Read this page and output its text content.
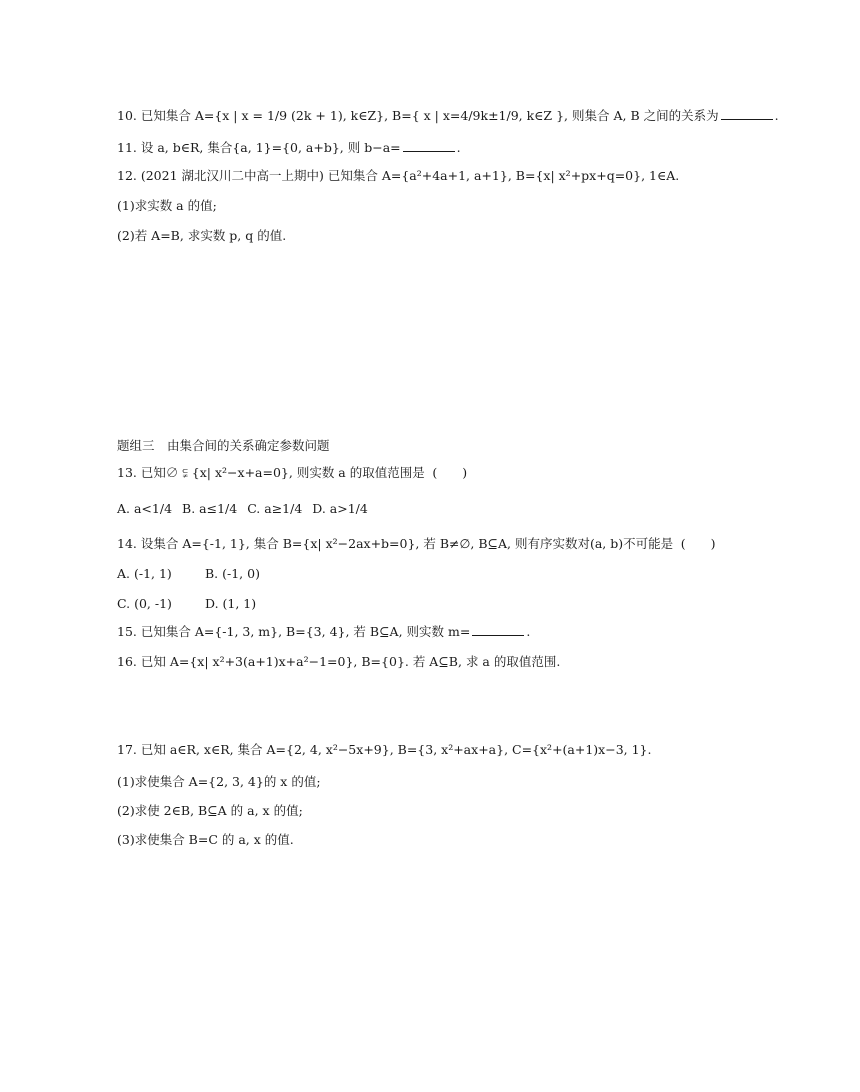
10. 已知集合 A={x | x = 1/9 (2k + 1), k∈Z}, B={ x | x=4/9k±1/9, k∈Z }, 则集合 A, B 之间的关系为	.
11. 设 a, b∈R, 集合{a, 1}={0, a+b}, 则 b−a=	.
12. (2021 湖北汉川二中高一上期中) 已知集合 A={a²+4a+1, a+1}, B={x| x²+px+q=0}, 1∈A.
(1)求实数 a 的值;
(2)若 A=B, 求实数 p, q 的值.
题组三　由集合间的关系确定参数问题
13. 已知∅ ⫋ {x| x²−x+a=0}, 则实数 a 的取值范围是 (　　)
A. a<1/4 B. a≤1/4 C. a≥1/4 D. a>1/4
14. 设集合 A={-1, 1}, 集合 B={x| x²−2ax+b=0}, 若 B≠∅, B⊆A, 则有序实数对(a, b)不可能是 (　　)
A. (-1, 1)	B. (-1, 0)
C. (0, -1)	D. (1, 1)
15. 已知集合 A={-1, 3, m}, B={3, 4}, 若 B⊆A, 则实数 m=	.
16. 已知 A={x| x²+3(a+1)x+a²−1=0}, B={0}. 若 A⊆B, 求 a 的取值范围.
17. 已知 a∈R, x∈R, 集合 A={2, 4, x²−5x+9}, B={3, x²+ax+a}, C={x²+(a+1)x−3, 1}.
(1)求使集合 A={2, 3, 4}的 x 的值;
(2)求使 2∈B, B⊆A 的 a, x 的值;
(3)求使集合 B=C 的 a, x 的值.
